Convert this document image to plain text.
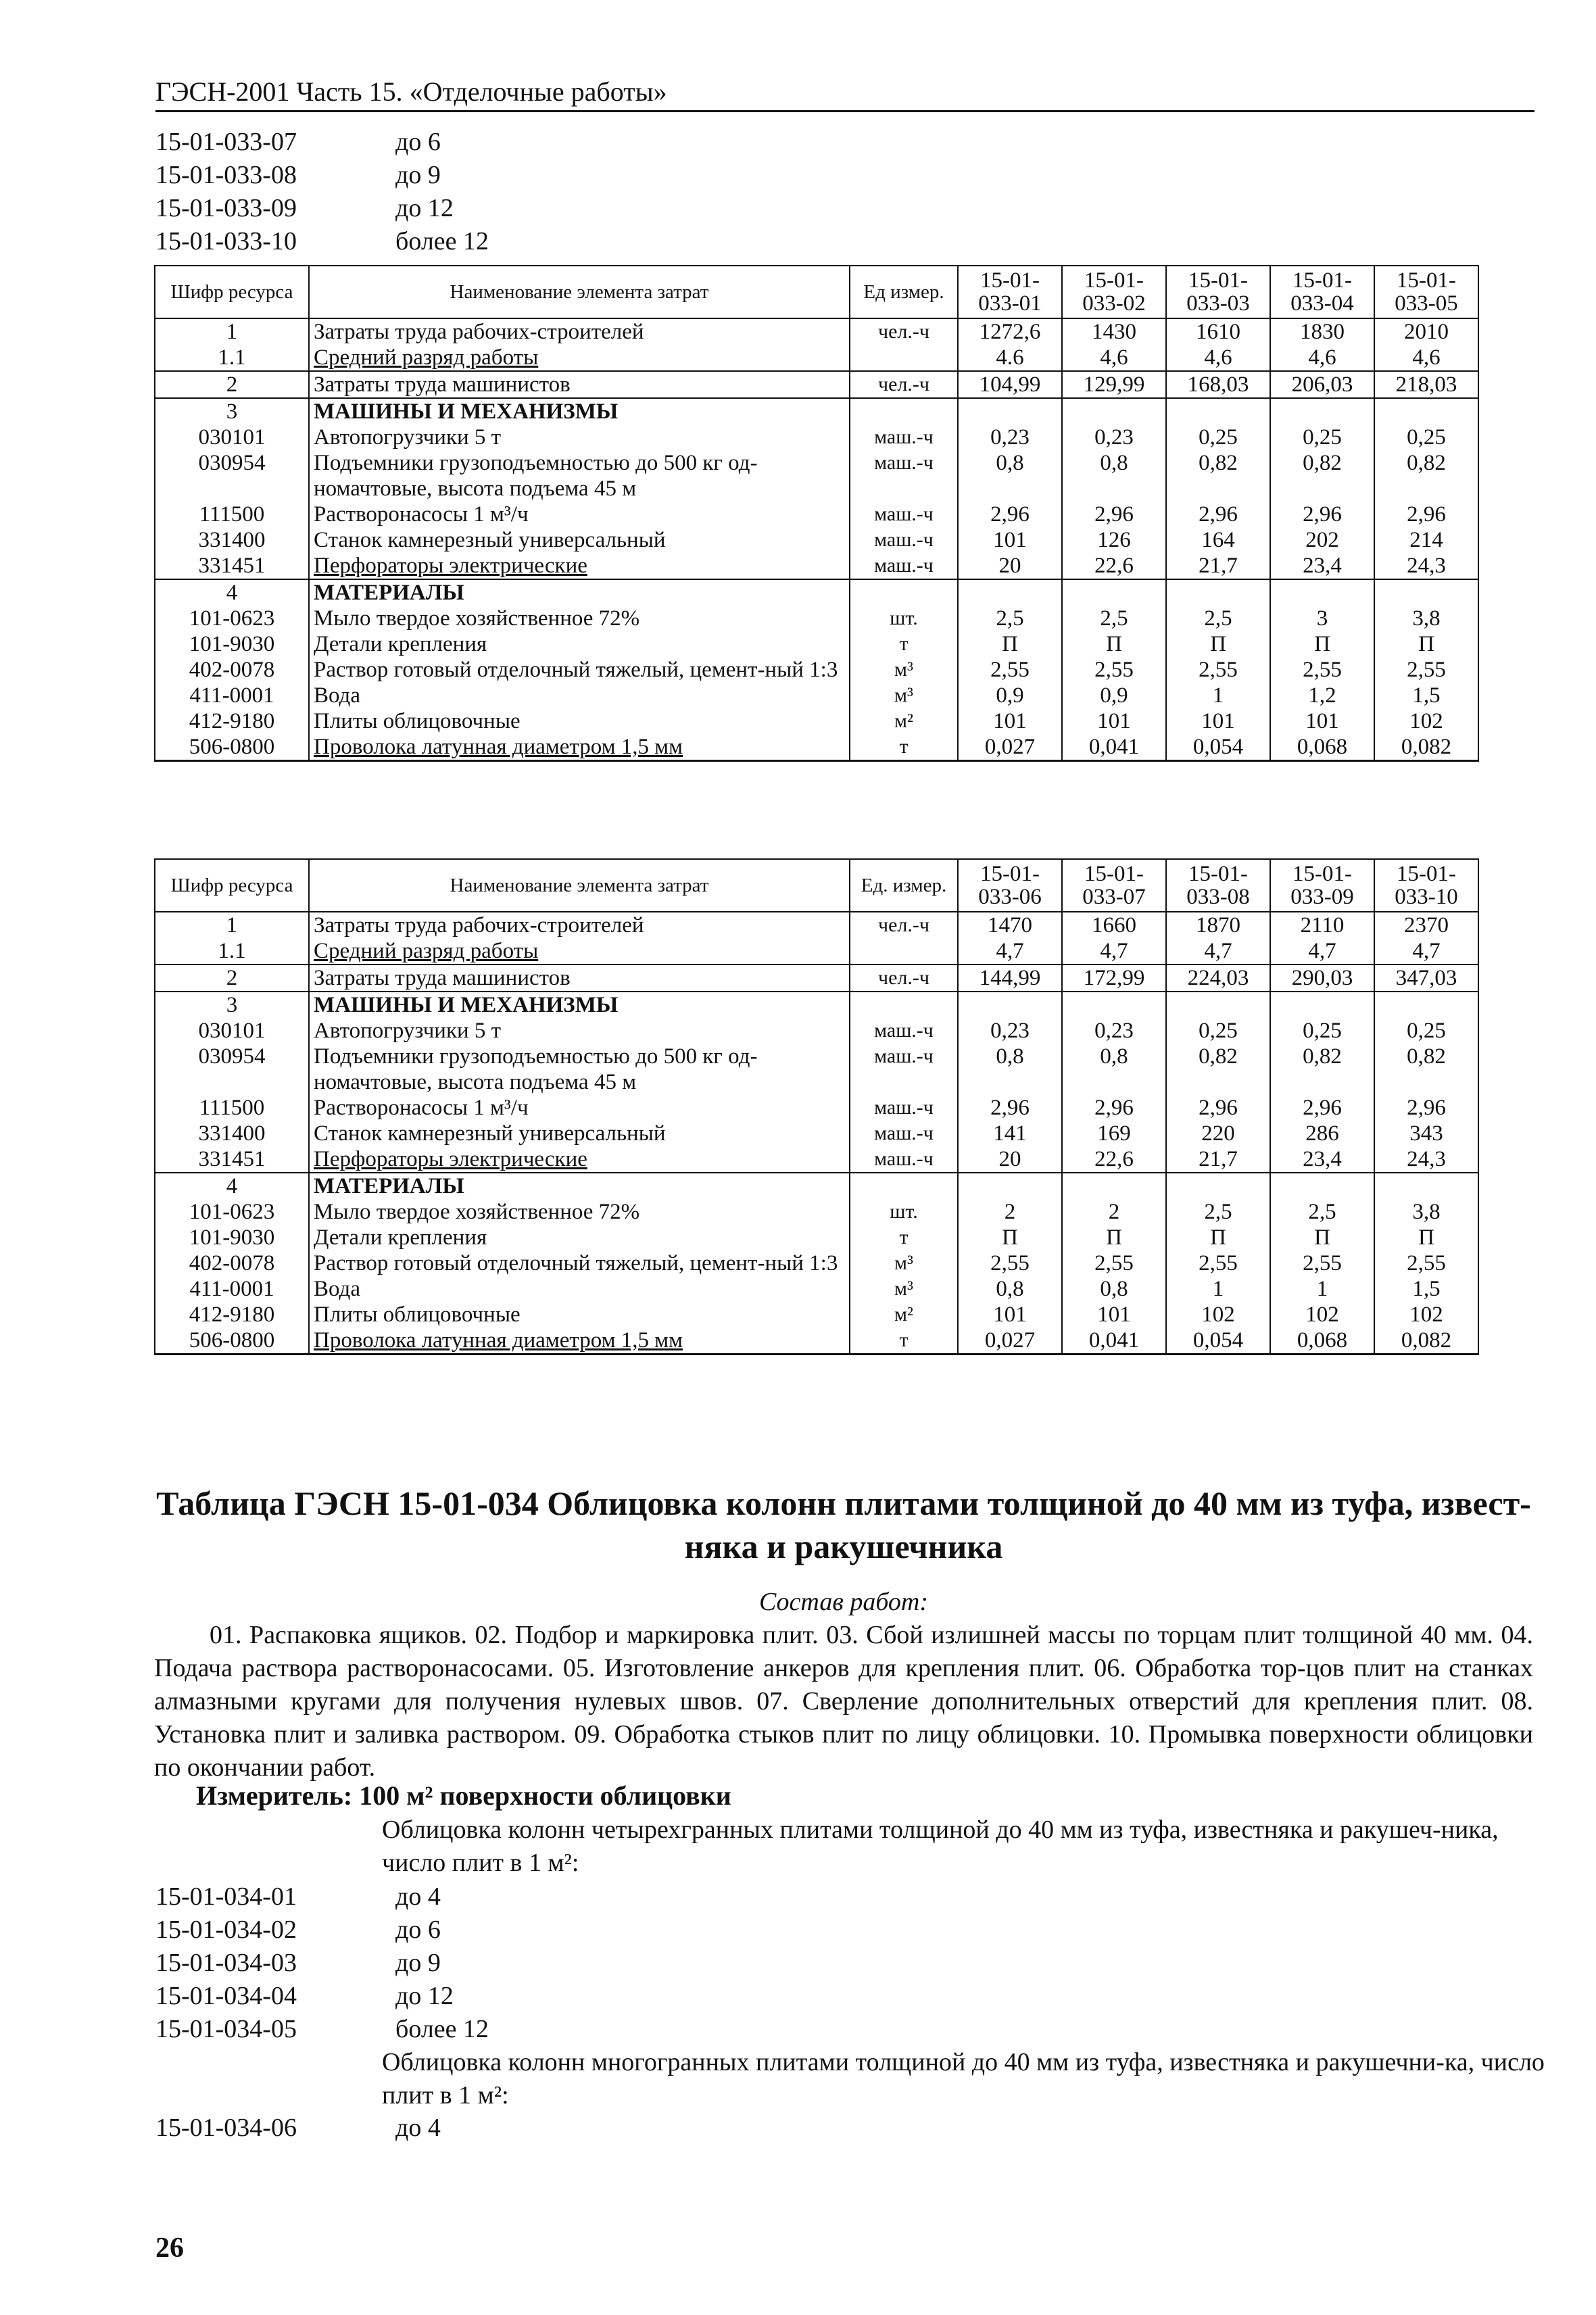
ГЭСН-2001 Часть 15. «Отделочные работы»
15-01-033-07	до 6
15-01-033-08	до 9
15-01-033-09	до 12
15-01-033-10	более 12
Шифр ресурса	Наименование элемента затрат	Ед измер.	15-01-033-01	15-01-033-02	15-01-033-03	15-01-033-04	15-01-033-05
1	Затраты труда рабочих-строителей	чел.-ч	1272,6	1430	1610	1830	2010
1.1	Средний разряд работы		4.6	4,6	4,6	4,6	4,6
2	Затраты труда машинистов	чел.-ч	104,99	129,99	168,03	206,03	218,03
3	МАШИНЫ И МЕХАНИЗМЫ						
030101	Автопогрузчики 5 т	маш.-ч	0,23	0,23	0,25	0,25	0,25
030954	Подъемники грузоподъемностью до 500 кг од-номачтовые, высота подъема 45 м	маш.-ч	0,8	0,8	0,82	0,82	0,82
111500	Растворонасосы 1 м³/ч	маш.-ч	2,96	2,96	2,96	2,96	2,96
331400	Станок камнерезный универсальный	маш.-ч	101	126	164	202	214
331451	Перфораторы электрические	маш.-ч	20	22,6	21,7	23,4	24,3
4	МАТЕРИАЛЫ						
101-0623	Мыло твердое хозяйственное 72%	шт.	2,5	2,5	2,5	3	3,8
101-9030	Детали крепления	т	П	П	П	П	П
402-0078	Раствор готовый отделочный тяжелый, цемент-ный 1:3	м³	2,55	2,55	2,55	2,55	2,55
411-0001	Вода	м³	0,9	0,9	1	1,2	1,5
412-9180	Плиты облицовочные	м²	101	101	101	101	102
506-0800	Проволока латунная диаметром 1,5 мм	т	0,027	0,041	0,054	0,068	0,082
Шифр ресурса	Наименование элемента затрат	Ед. измер.	15-01-033-06	15-01-033-07	15-01-033-08	15-01-033-09	15-01-033-10
1	Затраты труда рабочих-строителей	чел.-ч	1470	1660	1870	2110	2370
1.1	Средний разряд работы		4,7	4,7	4,7	4,7	4,7
2	Затраты труда машинистов	чел.-ч	144,99	172,99	224,03	290,03	347,03
3	МАШИНЫ И МЕХАНИЗМЫ						
030101	Автопогрузчики 5 т	маш.-ч	0,23	0,23	0,25	0,25	0,25
030954	Подъемники грузоподъемностью до 500 кг од-номачтовые, высота подъема 45 м	маш.-ч	0,8	0,8	0,82	0,82	0,82
111500	Растворонасосы 1 м³/ч	маш.-ч	2,96	2,96	2,96	2,96	2,96
331400	Станок камнерезный универсальный	маш.-ч	141	169	220	286	343
331451	Перфораторы электрические	маш.-ч	20	22,6	21,7	23,4	24,3
4	МАТЕРИАЛЫ						
101-0623	Мыло твердое хозяйственное 72%	шт.	2	2	2,5	2,5	3,8
101-9030	Детали крепления	т	П	П	П	П	П
402-0078	Раствор готовый отделочный тяжелый, цемент-ный 1:3	м³	2,55	2,55	2,55	2,55	2,55
411-0001	Вода	м³	0,8	0,8	1	1	1,5
412-9180	Плиты облицовочные	м²	101	101	102	102	102
506-0800	Проволока латунная диаметром 1,5 мм	т	0,027	0,041	0,054	0,068	0,082
Таблица ГЭСН 15-01-034 Облицовка колонн плитами толщиной до 40 мм из туфа, извест-няка и ракушечника
Состав работ:
01. Распаковка ящиков. 02. Подбор и маркировка плит. 03. Сбой излишней массы по торцам плит толщиной 40 мм. 04. Подача раствора растворонасосами. 05. Изготовление анкеров для крепления плит. 06. Обработка тор-цов плит на станках алмазными кругами для получения нулевых швов. 07. Сверление дополнительных отверстий для крепления плит. 08. Установка плит и заливка раствором. 09. Обработка стыков плит по лицу облицовки. 10. Промывка поверхности облицовки по окончании работ.
Измеритель: 100 м² поверхности облицовки
Облицовка колонн четырехгранных плитами толщиной до 40 мм из туфа, известняка и ракушеч-ника, число плит в 1 м²:
15-01-034-01	до 4
15-01-034-02	до 6
15-01-034-03	до 9
15-01-034-04	до 12
15-01-034-05	более 12
Облицовка колонн многогранных плитами толщиной до 40 мм из туфа, известняка и ракушечни-ка, число плит в 1 м²:
15-01-034-06	до 4
26
